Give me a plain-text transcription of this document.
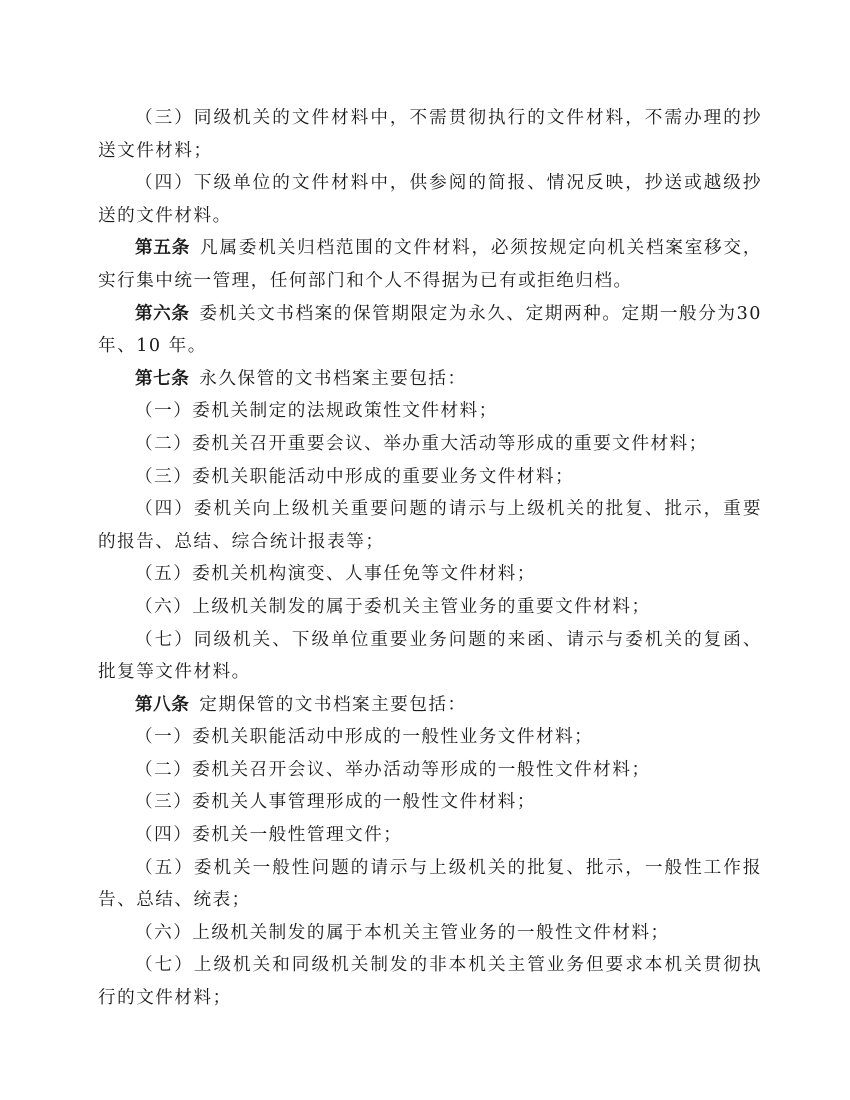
（三）同级机关的文件材料中，不需贯彻执行的文件材料，不需办理的抄送文件材料；

（四）下级单位的文件材料中，供参阅的简报、情况反映，抄送或越级抄送的文件材料。

第五条 凡属委机关归档范围的文件材料，必须按规定向机关档案室移交，实行集中统一管理，任何部门和个人不得据为已有或拒绝归档。

第六条 委机关文书档案的保管期限定为永久、定期两种。定期一般分为30年、10 年。

第七条 永久保管的文书档案主要包括：

（一）委机关制定的法规政策性文件材料；

（二）委机关召开重要会议、举办重大活动等形成的重要文件材料；

（三）委机关职能活动中形成的重要业务文件材料；

（四）委机关向上级机关重要问题的请示与上级机关的批复、批示，重要的报告、总结、综合统计报表等；

（五）委机关机构演变、人事任免等文件材料；

（六）上级机关制发的属于委机关主管业务的重要文件材料；

（七）同级机关、下级单位重要业务问题的来函、请示与委机关的复函、批复等文件材料。

第八条 定期保管的文书档案主要包括：

（一）委机关职能活动中形成的一般性业务文件材料；

（二）委机关召开会议、举办活动等形成的一般性文件材料；

（三）委机关人事管理形成的一般性文件材料；

（四）委机关一般性管理文件；

（五）委机关一般性问题的请示与上级机关的批复、批示，一般性工作报告、总结、统表；

（六）上级机关制发的属于本机关主管业务的一般性文件材料；

（七）上级机关和同级机关制发的非本机关主管业务但要求本机关贯彻执行的文件材料；
